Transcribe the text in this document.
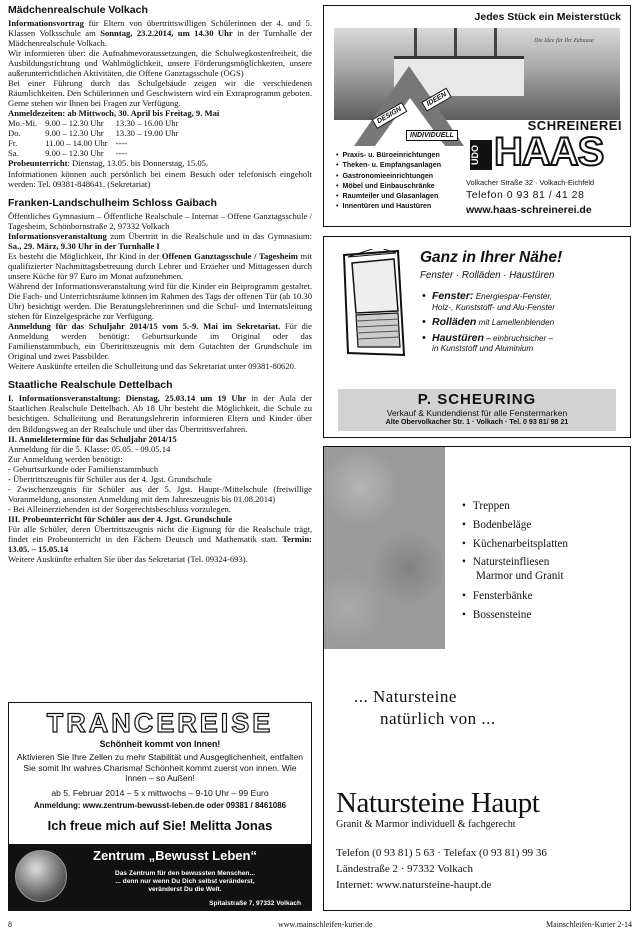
Mädchenrealschule Volkach

Informationsvortrag für Eltern von übertrittswilligen Schülerinnen der 4. und 5. Klassen Volksschule am Sonntag, 23.2.2014, um 14.30 Uhr in der Turnhalle der Mädchenrealschule Volkach.

Wir informieren über: die Aufnahmevoraussetzungen, die Schulwegkostenfreiheit, die Ausbildungsrichtung und Wahlmöglichkeit, unsere Förderungsmöglichkeiten, unsere außerunterrichtlichen Aktivitäten, die Offene Ganztagsschule (OGS)

Bei einer Führung durch das Schulgebäude zeigen wir die verschiedenen Räumlichkeiten. Den Schülerinnen und Geschwistern wird ein Extraprogramm geboten. Gerne stehen wir Ihnen bei Fragen zur Verfügung.

Anmeldezeiten: ab Mittwoch, 30. April bis Freitag, 9. Mai

Mo.-Mi.	9.00 – 12.30 Uhr	13.30 – 16.00 Uhr
Do.	9.00 – 12.30 Uhr	13.30 – 19.00 Uhr
Fr.	11.00 – 14.00 Uhr	----
Sa.	9.00 – 12.30 Uhr	----

Probeunterricht: Dienstag, 13.05. bis Donnerstag, 15.05.

Informationen können auch persönlich bei einem Besuch oder telefonisch eingeholt werden: Tel. 09381-848641. (Sekretariat)

Franken-Landschulheim Schloss Gaibach

Öffentliches Gymnasium – Öffentliche Realschule – Internat – Offene Ganztagsschule / Tagesheim, Schönbornstraße 2, 97332 Volkach

Informationsveranstaltung zum Übertritt in die Realschule und in das Gymnasium: Sa., 29. März, 9.30 Uhr in der Turnhalle I

Es besteht die Möglichkeit, Ihr Kind in der Offenen Ganztagsschule / Tagesheim mit qualifizierter Nachmittagsbetreuung durch Lehrer und Erzieher und Mittagessen durch unsere Küche für 97 Euro im Monat aufzunehmen.

Während der Informationsveranstaltung wird für die Kinder ein Beiprogramm gestaltet. Die Fach- und Unterrichtsräume können im Rahmen des Tags der offenen Tür (ab 10.30 Uhr) besichtigt werden. Die Beratungslehrerinnen und die Schul- und Internatsleitung stehen für Einzelgespräche zur Verfügung.

Anmeldung für das Schuljahr 2014/15 vom 5.-9. Mai im Sekretariat. Für die Anmeldung werden benötigt: Geburtsurkunde im Original oder das Familienstammbuch, ein Übertrittszeugnis mit dem Gutachten der Grundschule im Original und zwei Passbilder.

Weitere Auskünfte erteilen die Schulleitung und das Sekretariat unter 09381-80620.

Staatliche Realschule Dettelbach

I. Informationsveranstaltung: Dienstag, 25.03.14 um 19 Uhr in der Aula der Staatlichen Realschule Dettelbach. Ab 18 Uhr besteht die Möglichkeit, die Schule zu besichtigen. Schulleitung und Beratungslehrerin informieren Eltern und Kinder über den Bildungsweg an der Realschule und über das Übertrittsverfahren.

II. Anmeldetermine für das Schuljahr 2014/15

Anmeldung für die 5. Klasse: 05.05. - 09.05.14

Zur Anmeldung werden benötigt:

- Geburtsurkunde oder Familienstammbuch

- Übertrittszeugnis für Schüler aus der 4. Jgst. Grundschule

- Zwischenzeugnis für Schüler aus der 5. Jgst. Haupt-/Mittelschule (freiwillige Voranmeldung, ansonsten Anmeldung mit dem Jahreszeugnis bis 01.08.2014)

- Bei Alleinerziehenden ist der Sorgerechtsbeschluss vorzulegen.

III. Probeunterricht für Schüler aus der 4. Jgst. Grundschule

Für alle Schüler, deren Übertrittszeugnis nicht die Eignung für die Realschule trägt, findet ein Probeunterricht in den Fächern Deutsch und Mathematik statt. Termin: 13.05. – 15.05.14

Weitere Auskünfte erhalten Sie über das Sekretariat (Tel. 09324-693).

Jedes Stück ein Meisterstück
Die Idee für Ihr Zuhause
IDEEN
DESIGN
INDIVIDUELL
• Praxis- u. Büroeinrichtungen
• Theken- u. Empfangsanlagen
• Gastronomieeinrichtungen
• Möbel und Einbauschränke
• Raumteiler und Glasanlagen
• Innentüren und Haustüren
SCHREINEREI
UDO HAAS
Volkacher Straße 32 · Volkach-Eichfeld
Telefon 0 93 81 / 41 28
www.haas-schreinerei.de
Ganz in Ihrer Nähe!
Fenster · Rolläden · Haustüren
• Fenster: Energiespar-Fenster,
Holz-, Kunststoff- und Alu-Fenster
• Rolläden mit Lamellenblenden
• Haustüren – einbruchsicher –
in Kunststoff und Aluminium
P. SCHEURING
Verkauf & Kundendienst für alle Fenstermarken
Alte Obervolkacher Str. 1 · Volkach · Tel. 0 93 81/ 98 21
• Treppen
• Bodenbeläge
• Küchenarbeitsplatten
• Natursteinfliesen
Marmor und Granit
• Fensterbänke
• Bossensteine
... Natursteine
natürlich von ...
Natursteine Haupt
Granit & Marmor individuell & fachgerecht
Telefon (0 93 81) 5 63 · Telefax (0 93 81) 99 36
Ländestraße 2 · 97332 Volkach
Internet: www.natursteine-haupt.de
TRANCEREISE
Schönheit kommt von Innen!
Aktivieren Sie Ihre Zellen zu mehr Stabilität und Ausgeglichenheit, entfalten Sie somit Ihr wahres Charisma! Schönheit kommt zuerst von innen. Wie Innen – so Außen!
ab 5. Februar 2014 – 5 x mittwochs – 9-10 Uhr – 99 Euro
Anmeldung: www.zentrum-bewusst-leben.de oder 09381 / 8461086
Ich freue mich auf Sie! Melitta Jonas
Zentrum „Bewusst Leben“
Das Zentrum für den bewussten Menschen...
... denn nur wenn Du Dich selbst veränderst,
veränderst Du die Welt.
Spitalstraße 7, 97332 Volkach
8	www.mainschleifen-kurier.de	Mainschleifen-Kurier 2-14
